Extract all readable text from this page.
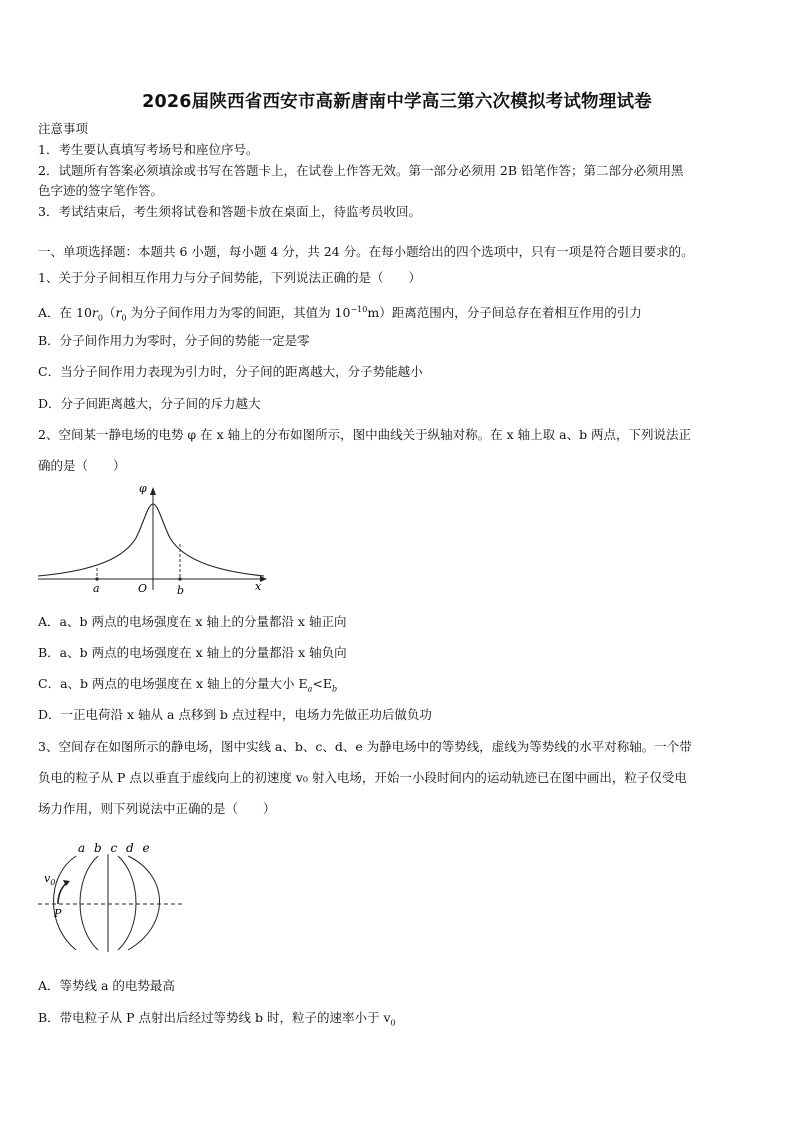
2026届陕西省西安市高新唐南中学高三第六次模拟考试物理试卷
注意事项
1．考生要认真填写考场号和座位序号。
2．试题所有答案必须填涂或书写在答题卡上，在试卷上作答无效。第一部分必须用 2B 铅笔作答；第二部分必须用黑
色字迹的签字笔作答。
3．考试结束后，考生须将试卷和答题卡放在桌面上，待监考员收回。
一、单项选择题：本题共 6 小题，每小题 4 分，共 24 分。在每小题给出的四个选项中，只有一项是符合题目要求的。
1、关于分子间相互作用力与分子间势能，下列说法正确的是（　　）
A．在 $10r_0(r_0$ 为分子间作用力为零的间距，其值为 $10^{-10}m$）距离范围内，分子间总存在着相互作用的引力
B．分子间作用力为零时，分子间的势能一定是零
C．当分子间作用力表现为引力时，分子间的距离越大，分子势能越小
D．分子间距离越大，分子间的斥力越大
2、空间某一静电场的电势 φ 在 x 轴上的分布如图所示，图中曲线关于纵轴对称。在 x 轴上取 a、b 两点，下列说法正
确的是（　　）
φ
O
a	b	x
A．a、b 两点的电场强度在 x 轴上的分量都沿 x 轴正向
B．a、b 两点的电场强度在 x 轴上的分量都沿 x 轴负向
C．a、b 两点的电场强度在 x 轴上的分量大小 $E_a<E_b$
D．一正电荷沿 x 轴从 a 点移到 b 点过程中，电场力先做正功后做负功
3、空间存在如图所示的静电场，图中实线 a、b、c、d、e 为静电场中的等势线，虚线为等势线的水平对称轴。一个带
负电的粒子从 P 点以垂直于虚线向上的初速度 v₀ 射入电场，开始一小段时间内的运动轨迹已在图中画出，粒子仅受电
场力作用，则下列说法中正确的是（　　）
a b c d e
$v_0$
P
A．等势线 a 的电势最高
B．带电粒子从 P 点射出后经过等势线 b 时，粒子的速率小于 $v_0$
